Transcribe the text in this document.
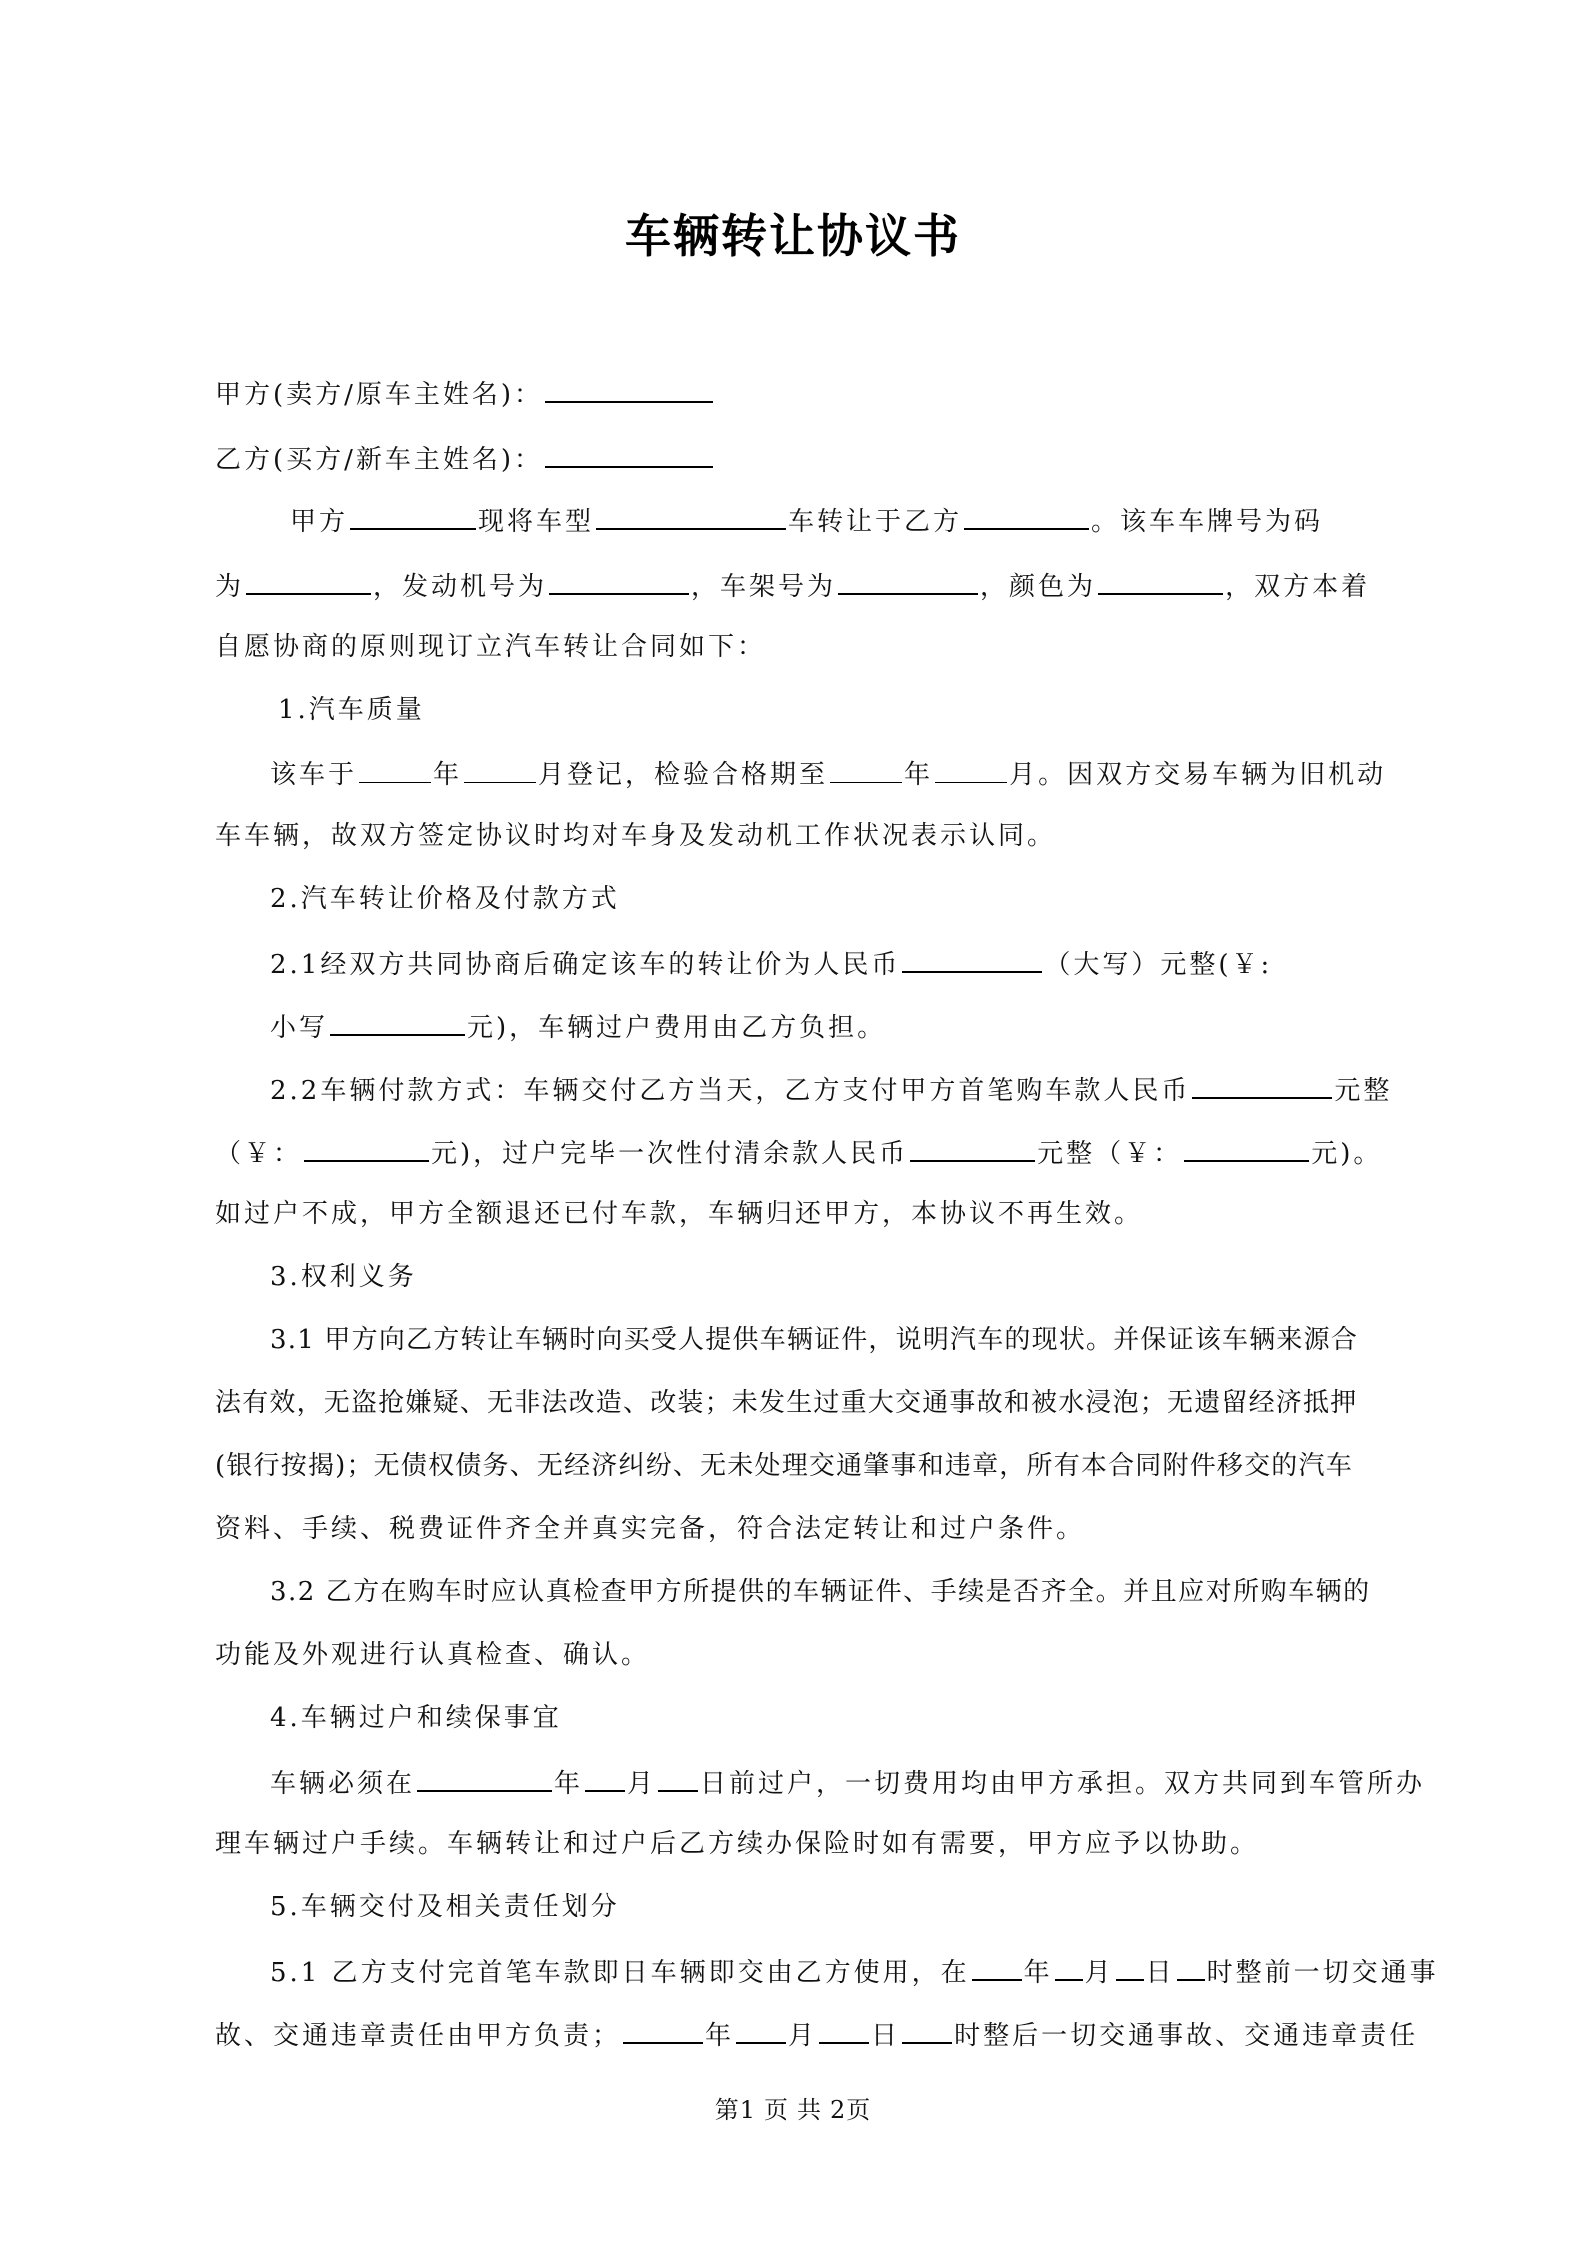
车辆转让协议书
甲方(卖方/原车主姓名)：
乙方(买方/新车主姓名)：
甲方	现将车型	车转让于乙方	。该车车牌号为码
为	，发动机号为	，车架号为	，颜色为	，双方本着
自愿协商的原则现订立汽车转让合同如下：
1.汽车质量
该车于	年	月登记，检验合格期至	年	月。因双方交易车辆为旧机动
车车辆，故双方签定协议时均对车身及发动机工作状况表示认同。
2.汽车转让价格及付款方式
2.1经双方共同协商后确定该车的转让价为人民币	（大写）元整(￥:
小写	元)，车辆过户费用由乙方负担。
2.2车辆付款方式：车辆交付乙方当天，乙方支付甲方首笔购车款人民币	元整
（￥：	元)，过户完毕一次性付清余款人民币	元整（￥：	元)。
如过户不成，甲方全额退还已付车款，车辆归还甲方，本协议不再生效。
3.权利义务
3.1 甲方向乙方转让车辆时向买受人提供车辆证件，说明汽车的现状。并保证该车辆来源合
法有效，无盗抢嫌疑、无非法改造、改装；未发生过重大交通事故和被水浸泡；无遗留经济抵押
(银行按揭)；无债权债务、无经济纠纷、无未处理交通肇事和违章，所有本合同附件移交的汽车
资料、手续、税费证件齐全并真实完备，符合法定转让和过户条件。
3.2 乙方在购车时应认真检查甲方所提供的车辆证件、手续是否齐全。并且应对所购车辆的
功能及外观进行认真检查、确认。
4.车辆过户和续保事宜
车辆必须在	年 月 日前过户，一切费用均由甲方承担。双方共同到车管所办
理车辆过户手续。车辆转让和过户后乙方续办保险时如有需要，甲方应予以协助。
5.车辆交付及相关责任划分
5.1 乙方支付完首笔车款即日车辆即交由乙方使用，在 年 月 日 时整前一切交通事
故、交通违章责任由甲方负责；	年 月 日 时整后一切交通事故、交通违章责任
第1 页 共 2页
